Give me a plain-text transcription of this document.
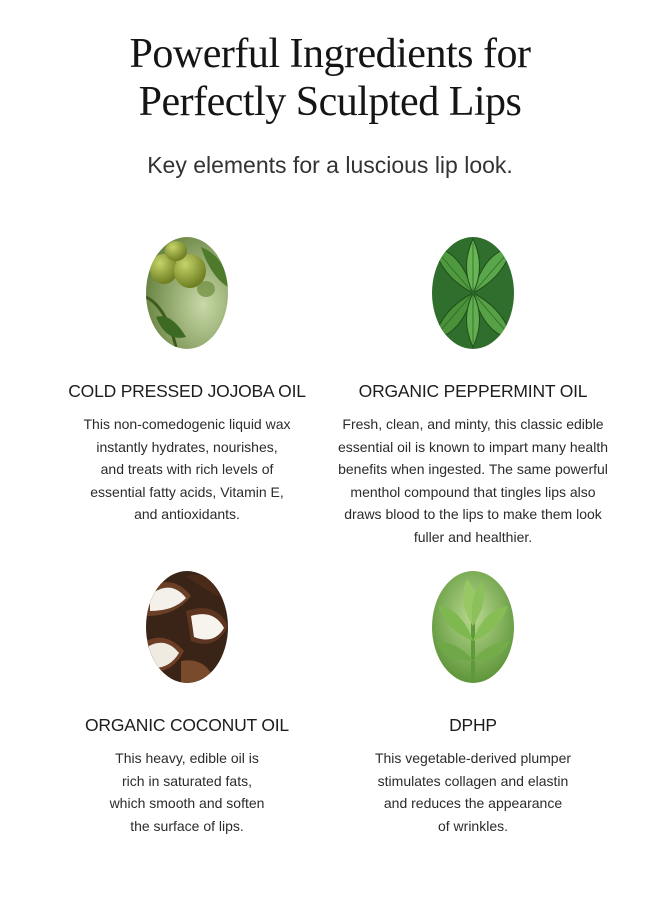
Powerful Ingredients for
Perfectly Sculpted Lips
Key elements for a luscious lip look.
COLD PRESSED JOJOBA OIL

This non-comedogenic liquid wax
instantly hydrates, nourishes,
and treats with rich levels of
essential fatty acids, Vitamin E,
and antioxidants.

ORGANIC PEPPERMINT OIL

Fresh, clean, and minty, this classic edible
essential oil is known to impart many health
benefits when ingested. The same powerful
menthol compound that tingles lips also
draws blood to the lips to make them look
fuller and healthier.

ORGANIC COCONUT OIL

This heavy, edible oil is
rich in saturated fats,
which smooth and soften
the surface of lips.

DPHP

This vegetable-derived plumper
stimulates collagen and elastin
and reduces the appearance
of wrinkles.
